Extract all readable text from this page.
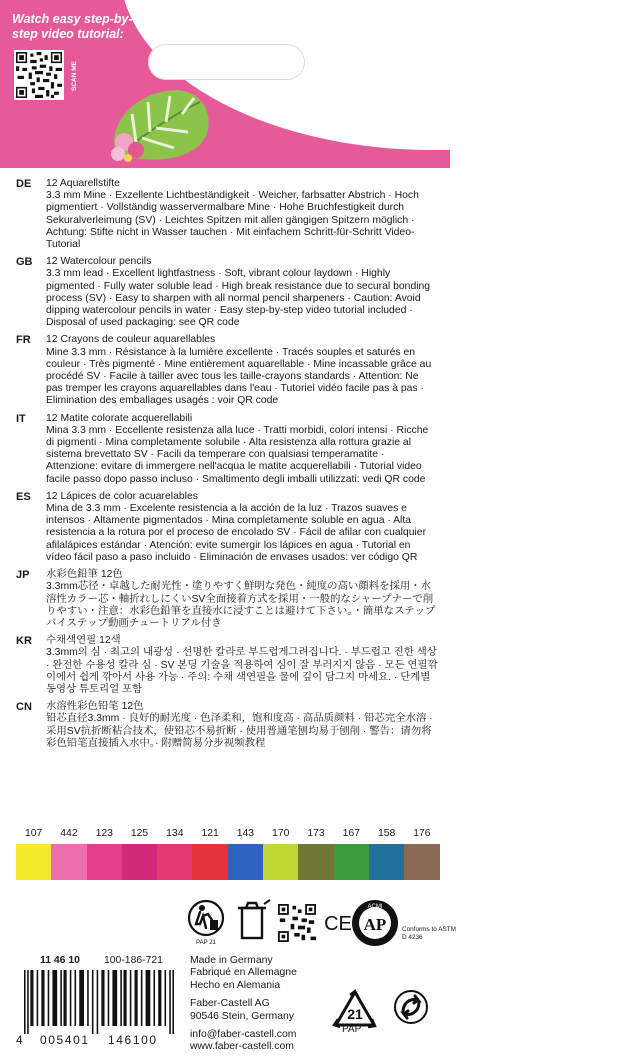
Watch easy step-by-step video tutorial:
SCAN ME
DE 12 Aquarellstifte
3.3 mm Mine · Exzellente Lichtbeständigkeit · Weicher, farbsatter Abstrich · Hoch pigmentiert · Vollständig wasservermalbare Mine · Hohe Bruchfestigkeit durch Sekuralverleimung (SV) · Leichtes Spitzen mit allen gängigen Spitzern möglich · Achtung: Stifte nicht in Wasser tauchen · Mit einfachem Schritt-für-Schritt Video-Tutorial
GB 12 Watercolour pencils
3.3 mm lead · Excellent lightfastness · Soft, vibrant colour laydown · Highly pigmented · Fully water soluble lead · High break resistance due to secural bonding process (SV) · Easy to sharpen with all normal pencil sharpeners · Caution: Avoid dipping watercolour pencils in water · Easy step-by-step video tutorial included · Disposal of used packaging: see QR code
FR 12 Crayons de couleur aquarellables
Mine 3.3 mm · Résistance à la lumière excellente · Tracés souples et saturés en couleur · Très pigmenté · Mine entièrement aquarellable · Mine incassable grâce au procédé SV · Facile à tailler avec tous les taille-crayons standards · Attention: Ne pas tremper les crayons aquarellables dans l'eau · Tutoriel vidéo facile pas à pas · Elimination des emballages usagés : voir QR code
IT 12 Matite colorate acquerellabili
Mina 3.3 mm · Eccellente resistenza alla luce · Tratti morbidi, colori intensi · Ricche di pigmenti · Mina completamente solubile · Alta resistenza alla rottura grazie al sistema brevettato SV · Facili da temperare con qualsiasi temperamatite · Attenzione: evitare di immergere nell'acqua le matite acquerellabili · Tutorial video facile passo dopo passo incluso · Smaltimento degli imballi utilizzati: vedi QR code
ES 12 Lápices de color acuarelables
Mina de 3.3 mm · Excelente resistencia a la acción de la luz · Trazos suaves e intensos · Altamente pigmentados · Mina completamente soluble en agua · Alta resistencia a la rotura por el proceso de encolado SV · Fácil de afilar con cualquier afilalápices estándar · Atención: evite sumergir los lápices en agua · Tutorial en vídeo fácil paso a paso incluido · Eliminación de envases usados: ver código QR
JP 水彩色鉛筆 12色
3.3mm芯径・卓越した耐光性・塗りやすく鮮明な発色・純度の高い顔料を採用・水溶性カラー芯・軸折れしにくいSV全面接着方式を採用・一般的なシャープナーで削りやすい・注意：水彩色鉛筆を直接水に浸すことは避けて下さい。・簡単なステップバイステップ動画チュートリアル付き
KR 수채색연필 12색
3.3mm의 심 · 최고의 내광성 · 선명한 칼라로 부드럽게그려집니다. · 부드럽고 진한 색상 · 완전한 수용성 칼라 심 · SV 본딩 기술을 적용하여 심이 잘 부러지지 않음 · 모든 연필깎이에서 쉽게 깎아서 사용 가능 · 주의: 수채 색연필을 물에 깊이 담그지 마세요. · 단계별 동영상 튜토리얼 포함
CN 水溶性彩色铅笔 12色
铅芯直径3.3mm · 良好的耐光度 · 色泽柔和，饱和度高 · 高品质颜料 · 铅芯完全水溶 · 采用SV抗折断粘合技术，使铅芯不易折断 · 使用普通笔刨均易于刨削 · 警告：请勿将彩色铅笔直接插入水中。· 附赠简易分步视频教程
107	442	123	125	134	121	143	170	173	167	158	176
PAP 21
CE
ACMI
AP Conforms to ASTM D 4236
11 46 10 100-186-721
4 005401 146100
Made in Germany
Fabriqué en Allemagne
Hecho en Alemania
Faber-Castell AG
90546 Stein, Germany
info@faber-castell.com
www.faber-castell.com
21
PAP
